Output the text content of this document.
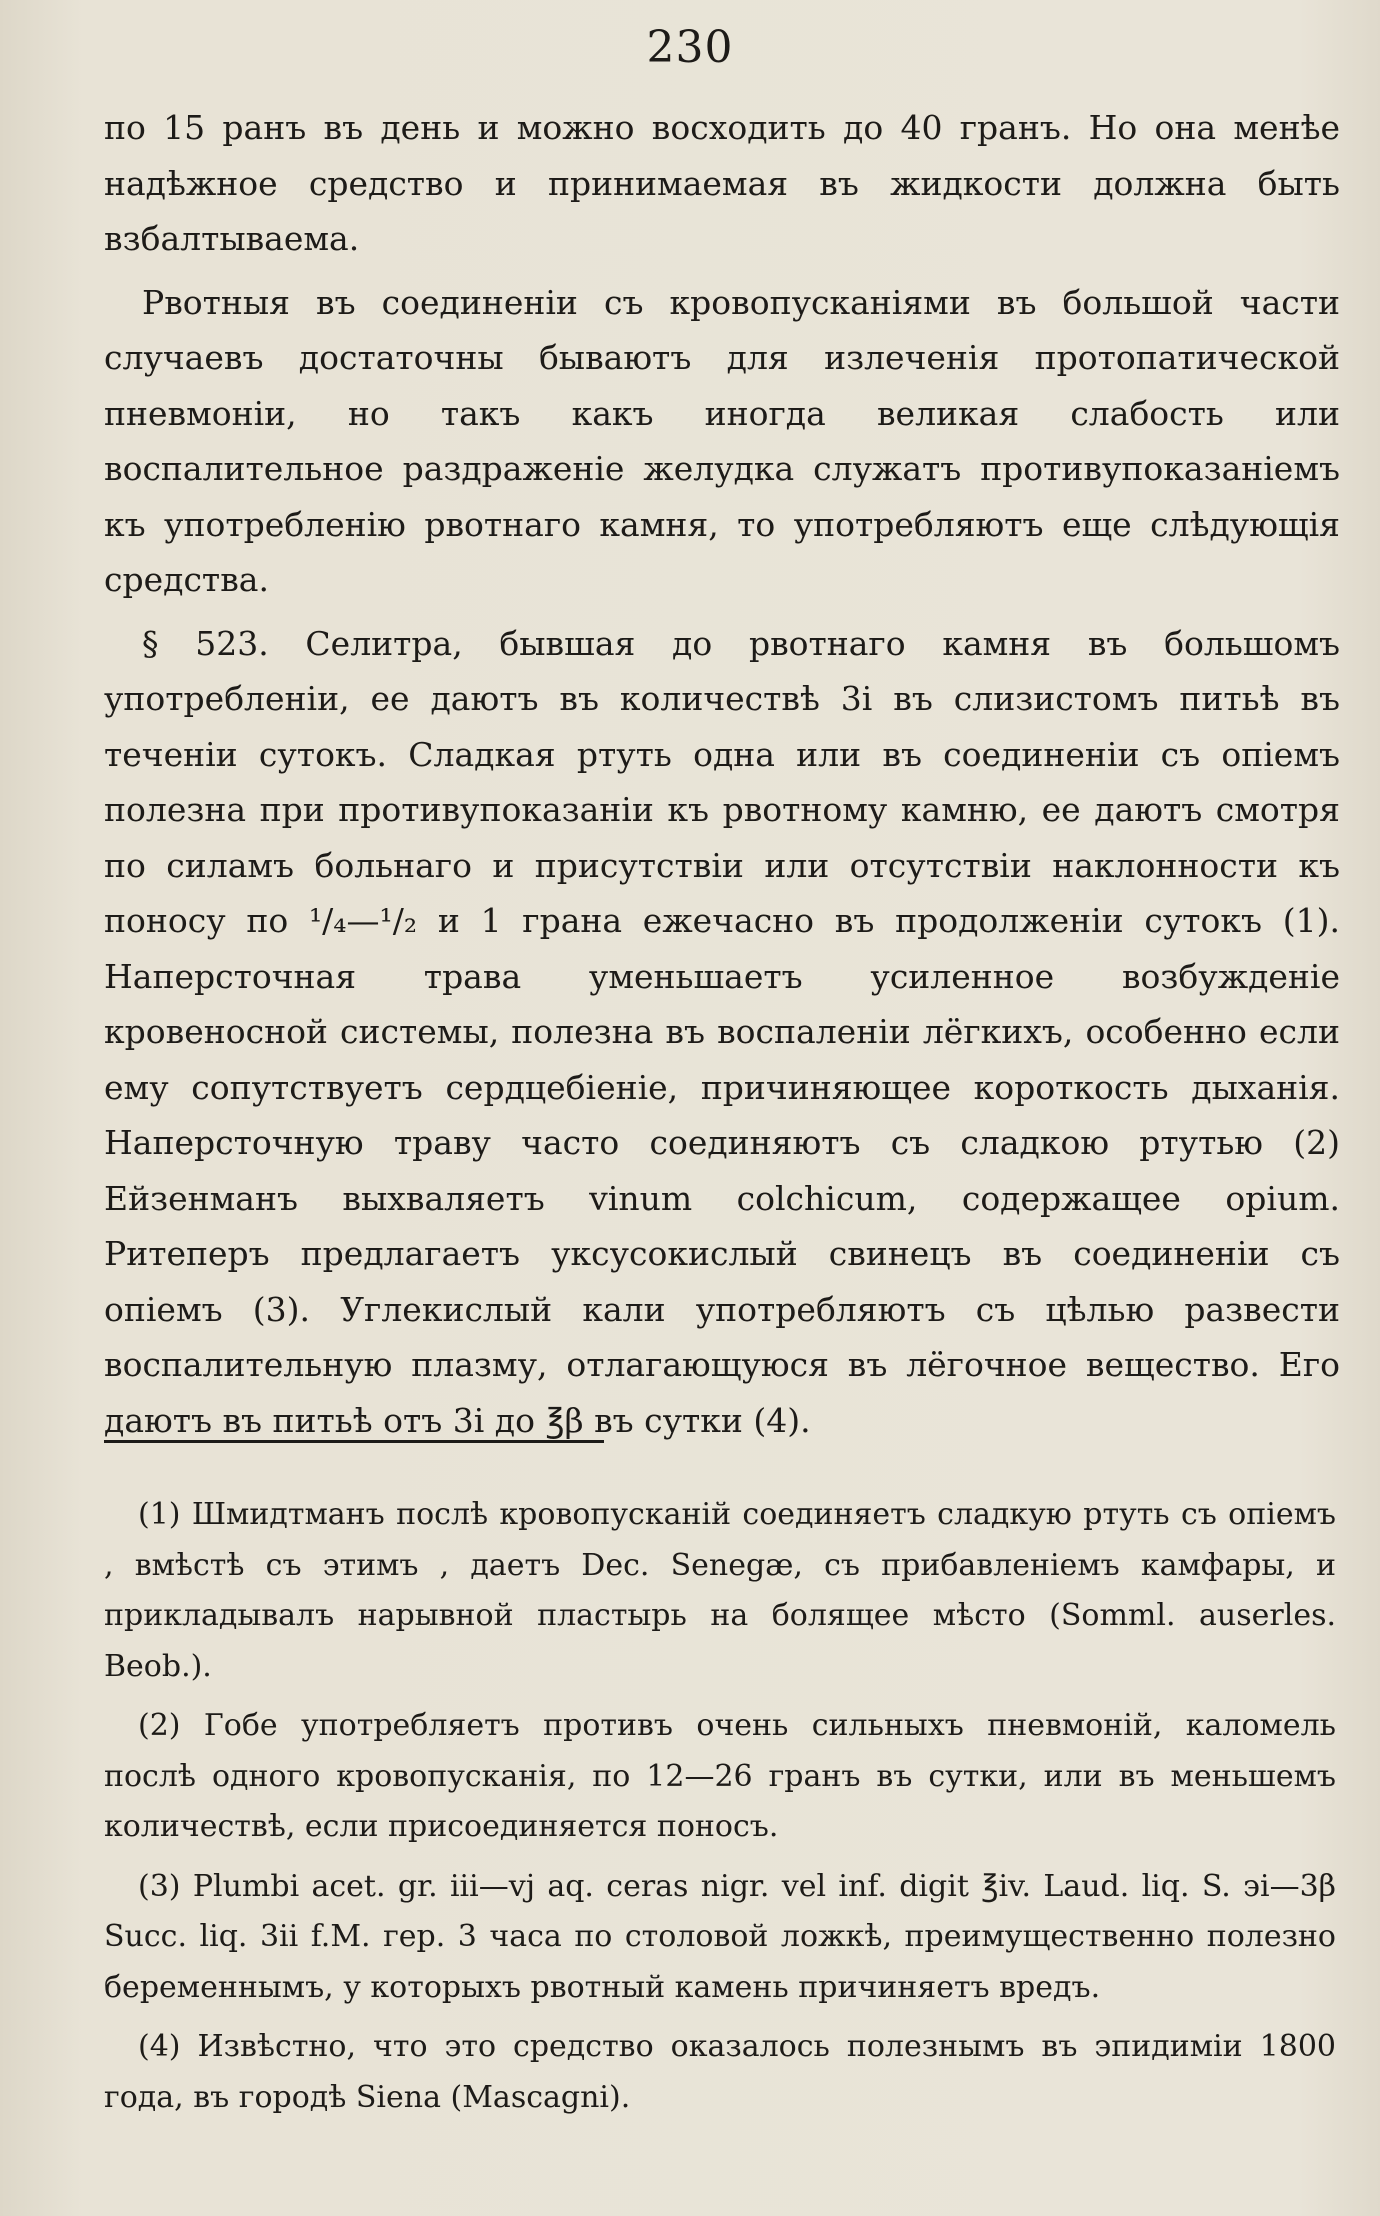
230

по 15 ранъ въ день и можно восходить до 40 гранъ. Но она менѣе надѣжное средство и принимаемая въ жидкости должна быть взбалтываема.

Рвотныя въ соединенiи съ кровопусканiями въ большой части случаевъ достаточны бываютъ для излеченiя протопатической пневмонiи, но такъ какъ иногда великая слабость или воспалительное раздраженiе желудка служатъ противупоказанiемъ къ употребленiю рвотнаго камня, то употребляютъ еще слѣдующiя средства.

§ 523. Селитра, бывшая до рвотнаго камня въ большомъ употребленiи, ее даютъ въ количествѣ 3i въ слизистомъ питьѣ въ теченiи сутокъ. Сладкая ртуть одна или въ соединенiи съ опiемъ полезна при противупоказанiи къ рвотному камню, ее даютъ смотря по силамъ больнаго и присутствiи или отсутствiи наклонности къ поносу по ¹/₄—¹/₂ и 1 грана ежечасно въ продолженiи сутокъ (1). Наперсточная трава уменьшаетъ усиленное возбужденiе кровеносной системы, полезна въ воспаленiи лёгкихъ, особенно если ему сопутствуетъ сердцебiенiе, причиняющее короткость дыханiя. Наперсточную траву часто соединяютъ съ сладкою ртутью (2) Ейзенманъ выхваляетъ vinum colchicum, содержащее opium. Ритеперъ предлагаетъ уксусокислый свинецъ въ соединенiи съ опiемъ (3). Углекислый кали употребляютъ съ цѣлью развести воспалительную плазму, отлагающуюся въ лёгочное вещество. Его даютъ въ питьѣ отъ 3i до ℥β въ сутки (4).

(1) Шмидтманъ послѣ кровопусканiй соединяетъ сладкую ртуть съ опiемъ , вмѣстѣ съ этимъ , даетъ Dec. Senegæ, съ прибавленiемъ камфары, и прикладывалъ нарывной пластырь на болящее мѣсто (Somml. auserles. Beob.).

(2) Гобе употребляетъ противъ очень сильныхъ пневмонiй, каломель послѣ одного кровопусканiя, по 12—26 гранъ въ сутки, или въ меньшемъ количествѣ, если присоединяется поносъ.

(3) Plumbi acet. gr. iii—vj aq. ceras nigr. vel inf. digit ℥iv. Laud. liq. S. эi—3β Succ. liq. 3ii f.M. гер. 3 часа по столовой ложкѣ, преимущественно полезно беременнымъ, у которыхъ рвотный камень причиняетъ вредъ.

(4) Извѣстно, что это средство оказалось полезнымъ въ эпидимiи 1800 года, въ городѣ Siena (Mascagni).
